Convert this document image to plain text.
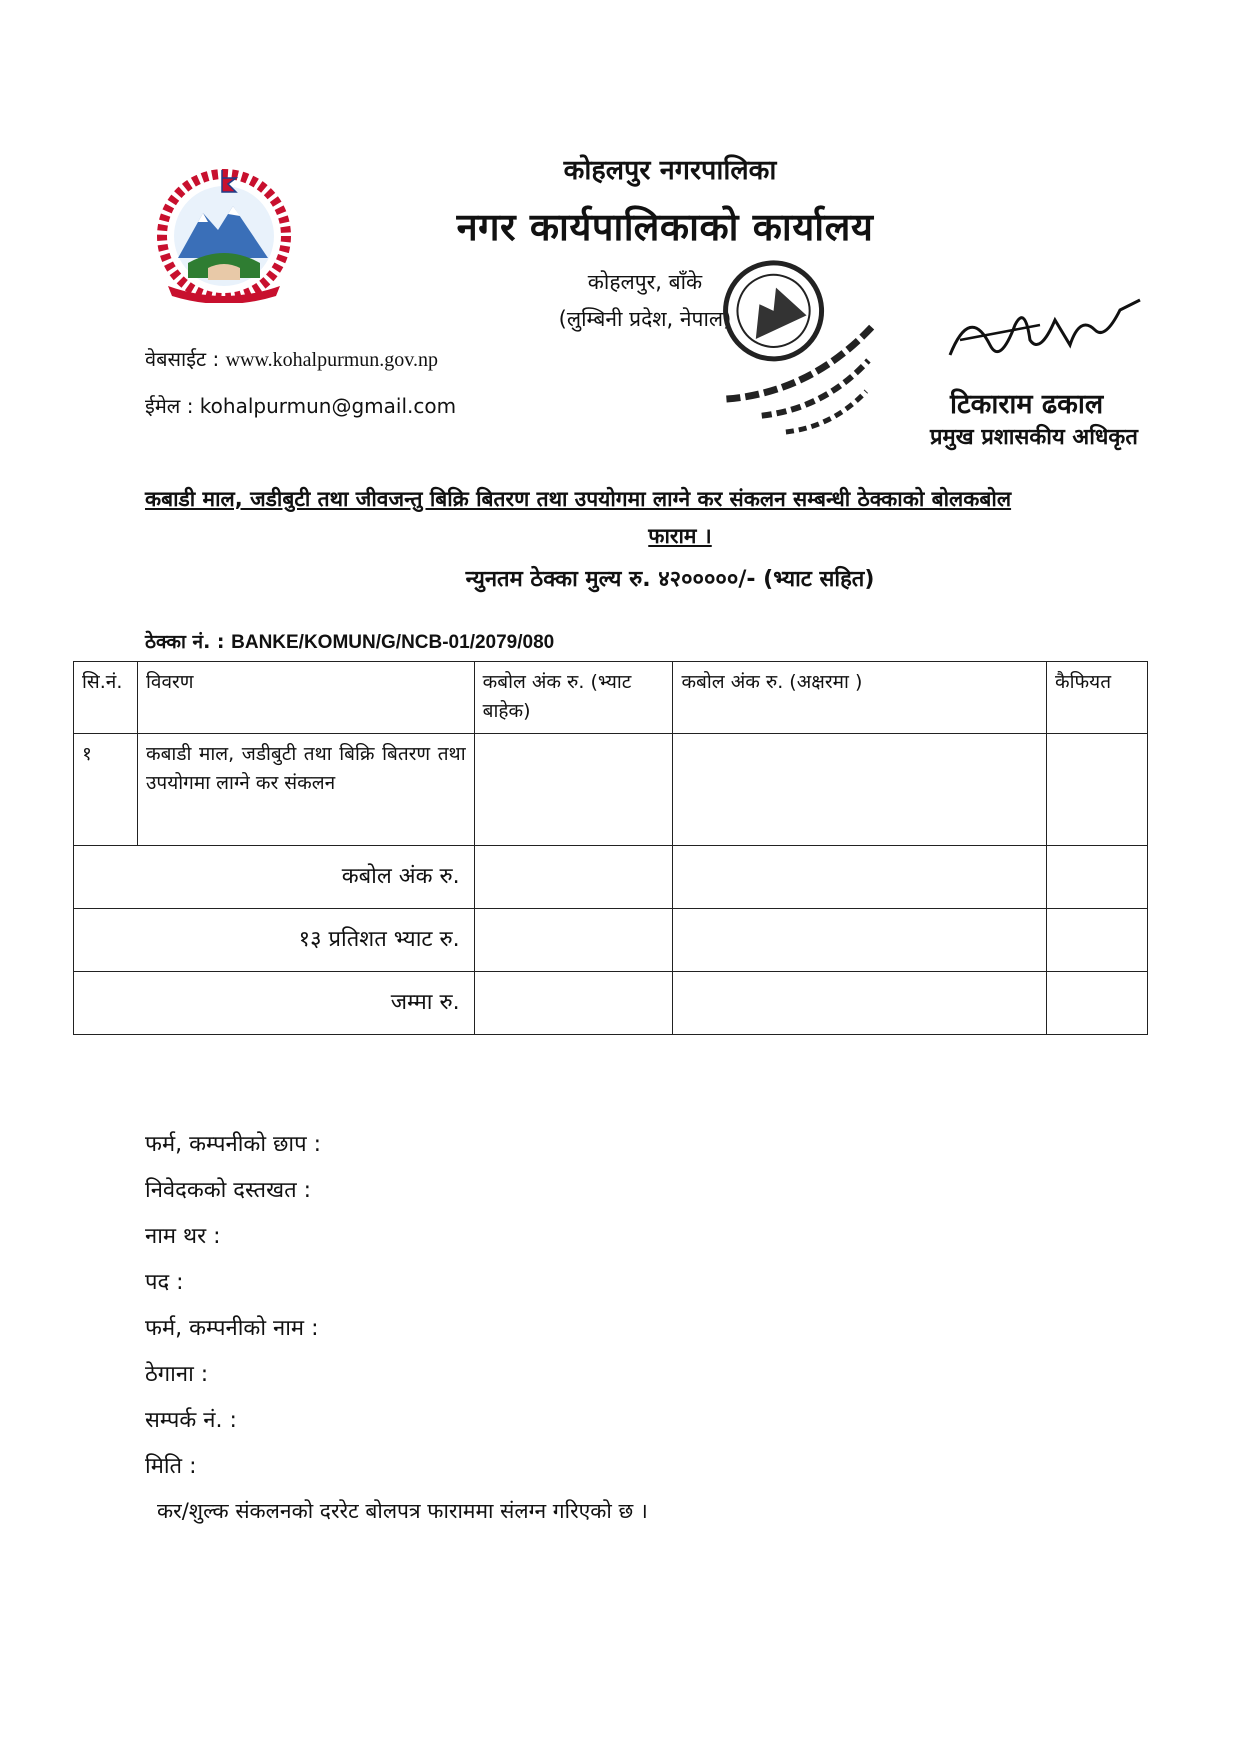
कोहलपुर नगरपालिका
नगर कार्यपालिकाको कार्यालय
कोहलपुर, बाँके
(लुम्बिनी प्रदेश, नेपाल)
टिकाराम ढकाल
प्रमुख प्रशासकीय अधिकृत
वेबसाईट : www.kohalpurmun.gov.np
ईमेल : kohalpurmun@gmail.com
कबाडी माल, जडीबुटी तथा जीवजन्तु बिक्रि बितरण तथा उपयोगमा लाग्ने कर संकलन सम्बन्धी ठेक्काको बोलकबोल
फाराम ।
न्युनतम ठेक्का मुल्य रु. ४२०००००/- (भ्याट सहित)
ठेक्का नं. : BANKE/KOMUN/G/NCB-01/2079/080
सि.नं.	विवरण	कबोल अंक रु. (भ्याट बाहेक)	कबोल अंक रु. (अक्षरमा )	कैफियत
१	कबाडी माल, जडीबुटी तथा बिक्रि बितरण तथा उपयोगमा लाग्ने कर संकलन			
कबोल अंक रु.				
१३ प्रतिशत भ्याट रु.				
जम्मा रु.				
फर्म, कम्पनीको छाप :
निवेदकको दस्तखत :
नाम थर :
पद :
फर्म, कम्पनीको नाम :
ठेगाना :
सम्पर्क नं. :
मिति :
कर/शुल्क संकलनको दररेट बोलपत्र फाराममा संलग्न गरिएको छ ।
